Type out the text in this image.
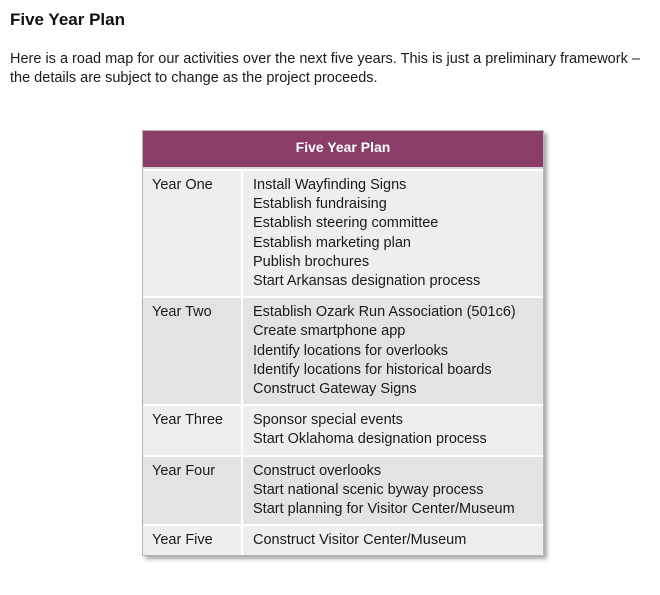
Five Year Plan

Here is a road map for our activities over the next five years. This is just a preliminary framework – the details are subject to change as the project proceeds.

Five Year Plan
Year One	Install Wayfinding Signs
Establish fundraising
Establish steering committee
Establish marketing plan
Publish brochures
Start Arkansas designation process
Year Two	Establish Ozark Run Association (501c6)
Create smartphone app
Identify locations for overlooks
Identify locations for historical boards
Construct Gateway Signs
Year Three	Sponsor special events
Start Oklahoma designation process
Year Four	Construct overlooks
Start national scenic byway process
Start planning for Visitor Center/Museum
Year Five	Construct Visitor Center/Museum
